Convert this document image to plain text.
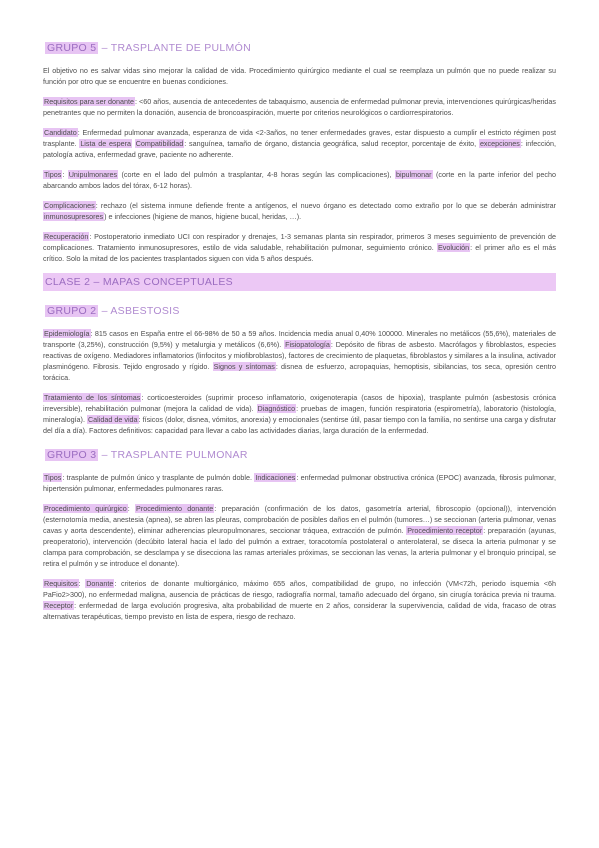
GRUPO 5 – TRASPLANTE DE PULMÓN

El objetivo no es salvar vidas sino mejorar la calidad de vida. Procedimiento quirúrgico mediante el cual se reemplaza un pulmón que no puede realizar su función por otro que se encuentre en buenas condiciones.

Requisitos para ser donante: <60 años, ausencia de antecedentes de tabaquismo, ausencia de enfermedad pulmonar previa, intervenciones quirúrgicas/heridas penetrantes que no permiten la donación, ausencia de broncoaspiración, muerte por criterios neurológicos o cardiorrespiratorios.

Candidato: Enfermedad pulmonar avanzada, esperanza de vida <2-3años, no tener enfermedades graves, estar dispuesto a cumplir el estricto régimen post trasplante. Lista de espera Compatibilidad: sanguínea, tamaño de órgano, distancia geográfica, salud receptor, porcentaje de éxito, excepciones: infección, patología activa, enfermedad grave, paciente no adherente.

Tipos: Unipulmonares (corte en el lado del pulmón a trasplantar, 4-8 horas según las complicaciones), bipulmonar (corte en la parte inferior del pecho abarcando ambos lados del tórax, 6-12 horas).

Complicaciones: rechazo (el sistema inmune defiende frente a antígenos, el nuevo órgano es detectado como extraño por lo que se deberán administrar inmunosupresores) e infecciones (higiene de manos, higiene bucal, heridas, …).

Recuperación: Postoperatorio inmediato UCI con respirador y drenajes, 1-3 semanas planta sin respirador, primeros 3 meses seguimiento de prevención de complicaciones. Tratamiento inmunosupresores, estilo de vida saludable, rehabilitación pulmonar, seguimiento crónico. Evolución: el primer año es el más crítico. Solo la mitad de los pacientes trasplantados siguen con vida 5 años después.

CLASE 2 – MAPAS CONCEPTUALES
GRUPO 2 – ASBESTOSIS

Epidemiología: 815 casos en España entre el 66-98% de 50 a 59 años. Incidencia media anual 0,40% 100000. Minerales no metálicos (55,6%), materiales de transporte (3,25%), construcción (9,5%) y metalurgia y metálicos (6,6%). Fisiopatología: Depósito de fibras de asbesto. Macrófagos y fibroblastos, especies reactivas de oxígeno. Mediadores inflamatorios (linfocitos y miofibroblastos), factores de crecimiento de plaquetas, fibroblastos y similares a la insulina, activador plasminógeno. Fibrosis. Tejido engrosado y rígido. Signos y síntomas: disnea de esfuerzo, acropaquias, hemoptisis, sibilancias, tos seca, opresión centro torácica.

Tratamiento de los síntomas: corticoesteroides (suprimir proceso inflamatorio, oxigenoterapia (casos de hipoxia), trasplante pulmón (asbestosis crónica irreversible), rehabilitación pulmonar (mejora la calidad de vida). Diagnóstico: pruebas de imagen, función respiratoria (espirometría), laboratorio (histología, mineralogía). Calidad de vida: físicos (dolor, disnea, vómitos, anorexia) y emocionales (sentirse útil, pasar tiempo con la familia, no sentirse una carga y disfrutar del día a día). Factores definitivos: capacidad para llevar a cabo las actividades diarias, larga duración de la enfermedad.

GRUPO 3 – TRASPLANTE PULMONAR

Tipos: trasplante de pulmón único y trasplante de pulmón doble. Indicaciones: enfermedad pulmonar obstructiva crónica (EPOC) avanzada, fibrosis pulmonar, hipertensión pulmonar, enfermedades pulmonares raras.

Procedimiento quirúrgico: Procedimiento donante: preparación (confirmación de los datos, gasometría arterial, fibroscopio (opcional)), intervención (esternotomía media, anestesia (apnea), se abren las pleuras, comprobación de posibles daños en el pulmón (tumores…) se seccionan (arteria pulmonar, venas cavas y aorta descendente), eliminar adherencias pleuropulmonares, seccionar tráquea, extracción de pulmón. Procedimiento receptor: preparación (ayunas, preoperatorio), intervención (decúbito lateral hacia el lado del pulmón a extraer, toracotomía postolateral o anterolateral, se diseca la arteria pulmonar y se clampa para comprobación, se desclampa y se disecciona las ramas arteriales próximas, se seccionan las venas, la arteria pulmonar y el bronquio principal, se retira el pulmón y se introduce el donante).

Requisitos: Donante: criterios de donante multiorgánico, máximo 655 años, compatibilidad de grupo, no infección (VM<72h, periodo isquemia <6h PaFio2>300), no enfermedad maligna, ausencia de prácticas de riesgo, radiografía normal, tamaño adecuado del órgano, sin cirugía torácica previa ni trauma. Receptor: enfermedad de larga evolución progresiva, alta probabilidad de muerte en 2 años, considerar la supervivencia, calidad de vida, fracaso de otras alternativas terapéuticas, tiempo previsto en lista de espera, riesgo de rechazo.
